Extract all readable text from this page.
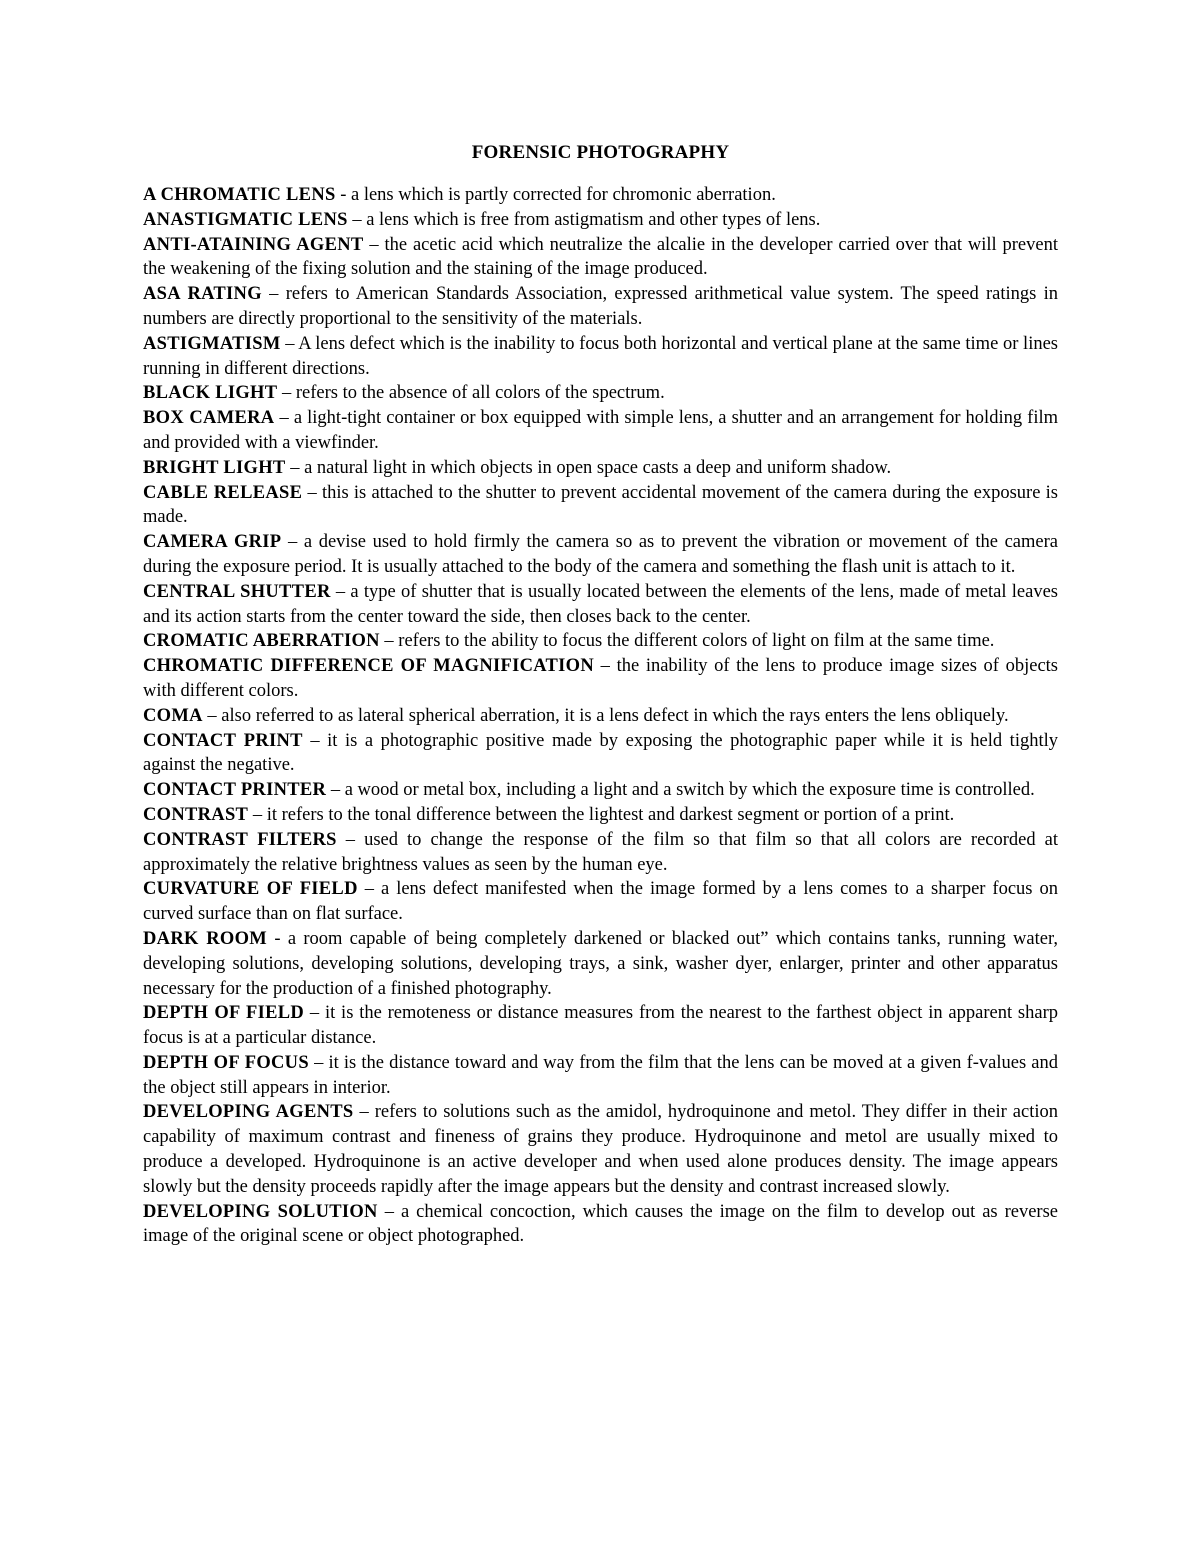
FORENSIC PHOTOGRAPHY

A CHROMATIC LENS - a lens which is partly corrected for chromonic aberration.

ANASTIGMATIC LENS – a lens which is free from astigmatism and other types of lens.

ANTI-ATAINING AGENT – the acetic acid which neutralize the alcalie in the developer carried over that will prevent the weakening of the fixing solution and the staining of the image produced.

ASA RATING – refers to American Standards Association, expressed arithmetical value system. The speed ratings in numbers are directly proportional to the sensitivity of the materials.

ASTIGMATISM – A lens defect which is the inability to focus both horizontal and vertical plane at the same time or lines running in different directions.

BLACK LIGHT – refers to the absence of all colors of the spectrum.

BOX CAMERA – a light-tight container or box equipped with simple lens, a shutter and an arrangement for holding film and provided with a viewfinder.

BRIGHT LIGHT – a natural light in which objects in open space casts a deep and uniform shadow.

CABLE RELEASE – this is attached to the shutter to prevent accidental movement of the camera during the exposure is made.

CAMERA GRIP – a devise used to hold firmly the camera so as to prevent the vibration or movement of the camera during the exposure period. It is usually attached to the body of the camera and something the flash unit is attach to it.

CENTRAL SHUTTER – a type of shutter that is usually located between the elements of the lens, made of metal leaves and its action starts from the center toward the side, then closes back to the center.

CROMATIC ABERRATION – refers to the ability to focus the different colors of light on film at the same time.

CHROMATIC DIFFERENCE OF MAGNIFICATION – the inability of the lens to produce image sizes of objects with different colors.

COMA – also referred to as lateral spherical aberration, it is a lens defect in which the rays enters the lens obliquely.

CONTACT PRINT – it is a photographic positive made by exposing the photographic paper while it is held tightly against the negative.

CONTACT PRINTER – a wood or metal box, including a light and a switch by which the exposure time is controlled.

CONTRAST – it refers to the tonal difference between the lightest and darkest segment or portion of a print.

CONTRAST FILTERS – used to change the response of the film so that film so that all colors are recorded at approximately the relative brightness values as seen by the human eye.

CURVATURE OF FIELD – a lens defect manifested when the image formed by a lens comes to a sharper focus on curved surface than on flat surface.

DARK ROOM - a room capable of being completely darkened or blacked out” which contains tanks, running water, developing solutions, developing solutions, developing trays, a sink, washer dyer, enlarger, printer and other apparatus necessary for the production of a finished photography.

DEPTH OF FIELD – it is the remoteness or distance measures from the nearest to the farthest object in apparent sharp focus is at a particular distance.

DEPTH OF FOCUS – it is the distance toward and way from the film that the lens can be moved at a given f-values and the object still appears in interior.

DEVELOPING AGENTS – refers to solutions such as the amidol, hydroquinone and metol. They differ in their action capability of maximum contrast and fineness of grains they produce. Hydroquinone and metol are usually mixed to produce a developed. Hydroquinone is an active developer and when used alone produces density. The image appears slowly but the density proceeds rapidly after the image appears but the density and contrast increased slowly.

DEVELOPING SOLUTION – a chemical concoction, which causes the image on the film to develop out as reverse image of the original scene or object photographed.
